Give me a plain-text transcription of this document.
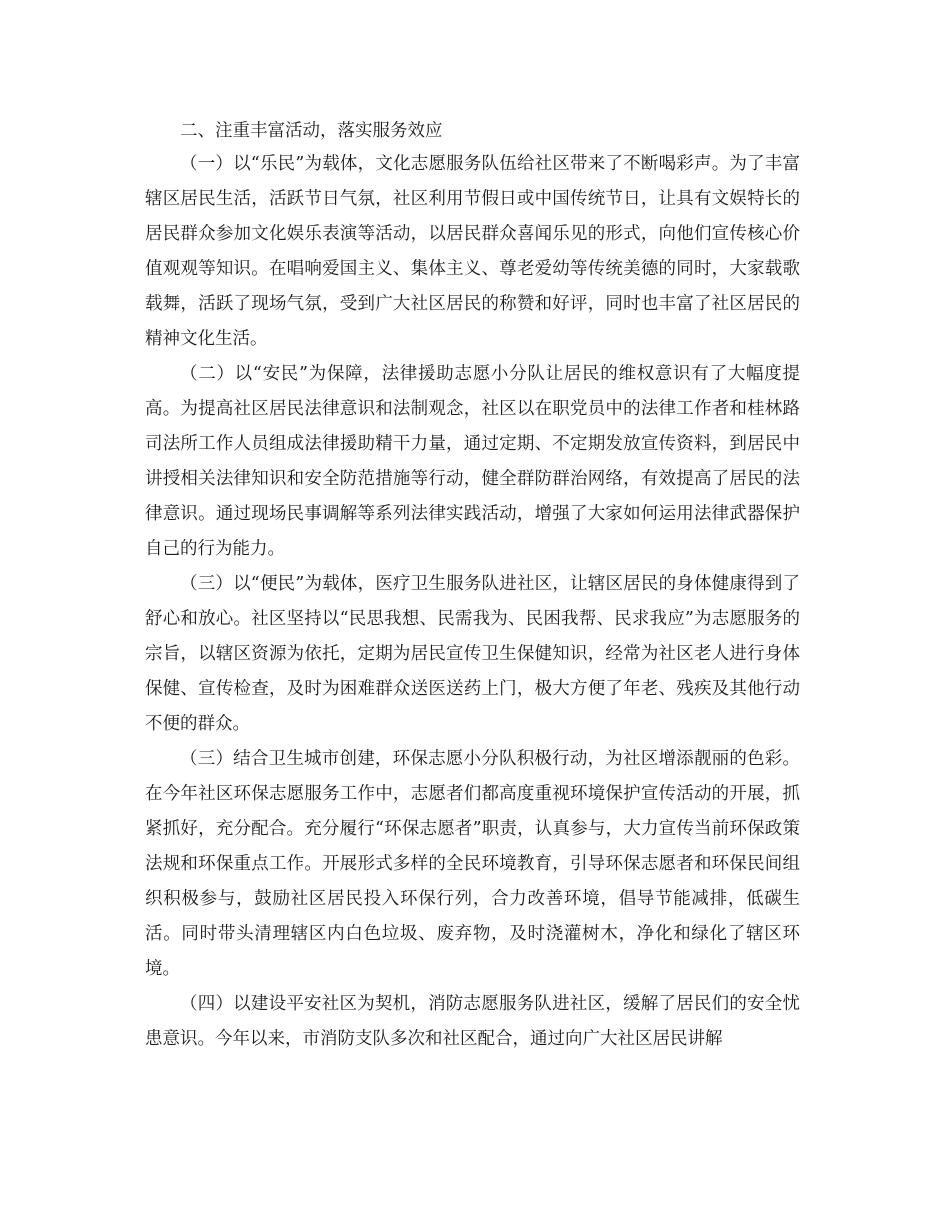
二、注重丰富活动，落实服务效应

（一）以“乐民”为载体，文化志愿服务队伍给社区带来了不断喝彩声。为了丰富辖区居民生活，活跃节日气氛，社区利用节假日或中国传统节日，让具有文娱特长的居民群众参加文化娱乐表演等活动，以居民群众喜闻乐见的形式，向他们宣传核心价值观观等知识。在唱响爱国主义、集体主义、尊老爱幼等传统美德的同时，大家载歌载舞，活跃了现场气氛，受到广大社区居民的称赞和好评，同时也丰富了社区居民的精神文化生活。

（二）以“安民”为保障，法律援助志愿小分队让居民的维权意识有了大幅度提高。为提高社区居民法律意识和法制观念，社区以在职党员中的法律工作者和桂林路司法所工作人员组成法律援助精干力量，通过定期、不定期发放宣传资料，到居民中讲授相关法律知识和安全防范措施等行动，健全群防群治网络，有效提高了居民的法律意识。通过现场民事调解等系列法律实践活动，增强了大家如何运用法律武器保护自己的行为能力。

（三）以“便民”为载体，医疗卫生服务队进社区，让辖区居民的身体健康得到了舒心和放心。社区坚持以“民思我想、民需我为、民困我帮、民求我应”为志愿服务的宗旨，以辖区资源为依托，定期为居民宣传卫生保健知识，经常为社区老人进行身体保健、宣传检查，及时为困难群众送医送药上门，极大方便了年老、残疾及其他行动不便的群众。

（三）结合卫生城市创建，环保志愿小分队积极行动，为社区增添靓丽的色彩。在今年社区环保志愿服务工作中，志愿者们都高度重视环境保护宣传活动的开展，抓紧抓好，充分配合。充分履行“环保志愿者”职责，认真参与，大力宣传当前环保政策法规和环保重点工作。开展形式多样的全民环境教育，引导环保志愿者和环保民间组织积极参与，鼓励社区居民投入环保行列，合力改善环境，倡导节能减排，低碳生活。同时带头清理辖区内白色垃圾、废弃物，及时浇灌树木，净化和绿化了辖区环境。

（四）以建设平安社区为契机，消防志愿服务队进社区，缓解了居民们的安全忧患意识。今年以来，市消防支队多次和社区配合，通过向广大社区居民讲解
